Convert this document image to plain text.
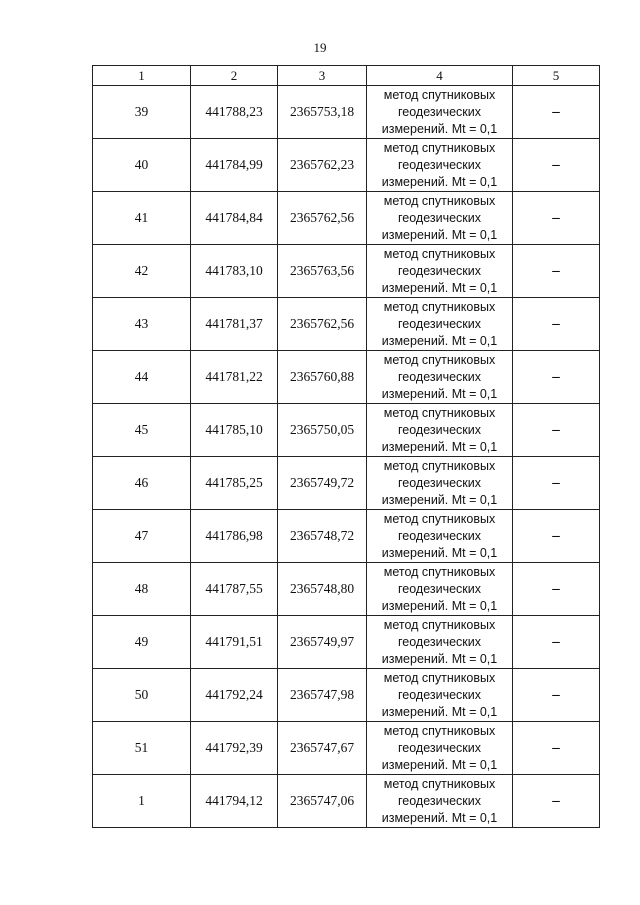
19
1	2	3	4	5
39	441788,23	2365753,18	метод спутниковых геодезических измерений. Mt = 0,1	–
40	441784,99	2365762,23	метод спутниковых геодезических измерений. Mt = 0,1	–
41	441784,84	2365762,56	метод спутниковых геодезических измерений. Mt = 0,1	–
42	441783,10	2365763,56	метод спутниковых геодезических измерений. Mt = 0,1	–
43	441781,37	2365762,56	метод спутниковых геодезических измерений. Mt = 0,1	–
44	441781,22	2365760,88	метод спутниковых геодезических измерений. Mt = 0,1	–
45	441785,10	2365750,05	метод спутниковых геодезических измерений. Mt = 0,1	–
46	441785,25	2365749,72	метод спутниковых геодезических измерений. Mt = 0,1	–
47	441786,98	2365748,72	метод спутниковых геодезических измерений. Mt = 0,1	–
48	441787,55	2365748,80	метод спутниковых геодезических измерений. Mt = 0,1	–
49	441791,51	2365749,97	метод спутниковых геодезических измерений. Mt = 0,1	–
50	441792,24	2365747,98	метод спутниковых геодезических измерений. Mt = 0,1	–
51	441792,39	2365747,67	метод спутниковых геодезических измерений. Mt = 0,1	–
1	441794,12	2365747,06	метод спутниковых геодезических измерений. Mt = 0,1	–
